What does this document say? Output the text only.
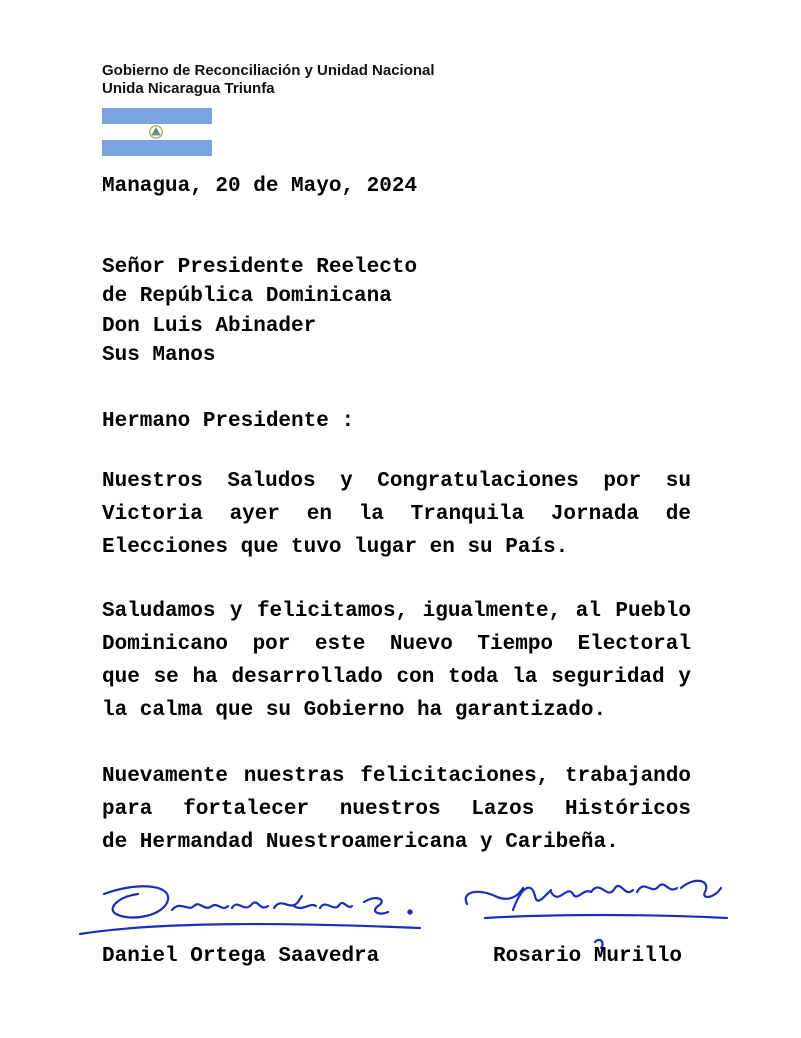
Gobierno de Reconciliación y Unidad Nacional
Unida Nicaragua Triunfa
Managua, 20 de Mayo, 2024
Señor Presidente Reelecto
de República Dominicana
Don Luis Abinader
Sus Manos
Hermano Presidente :
Nuestros Saludos y Congratulaciones por su
Victoria ayer en la Tranquila Jornada de
Elecciones que tuvo lugar en su País.
Saludamos y felicitamos, igualmente, al Pueblo
Dominicano por este Nuevo Tiempo Electoral
que se ha desarrollado con toda la seguridad y
la calma que su Gobierno ha garantizado.
Nuevamente nuestras felicitaciones, trabajando
para fortalecer nuestros Lazos Históricos
de Hermandad Nuestroamericana y Caribeña.
Daniel Ortega Saavedra	Rosario Murillo
